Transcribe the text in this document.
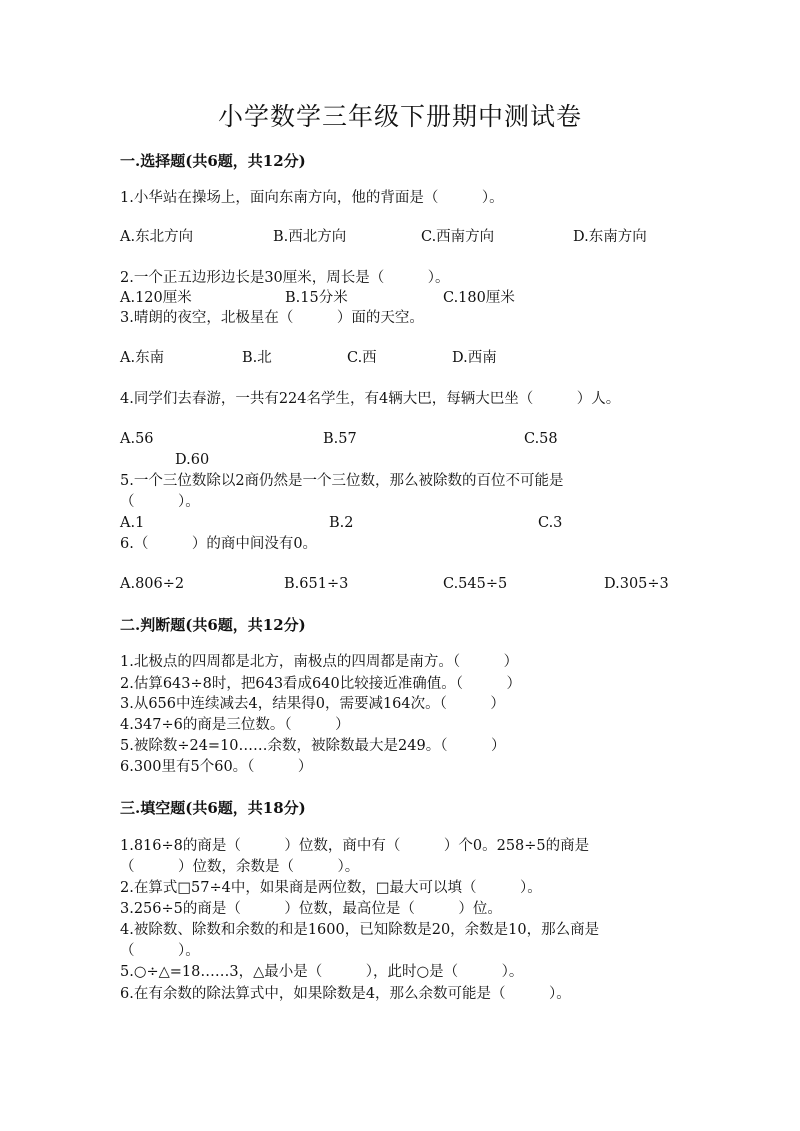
小学数学三年级下册期中测试卷
一.选择题(共6题，共12分)
1.小华站在操场上，面向东南方向，他的背面是（　　　）。
A.东北方向	B.西北方向	C.西南方向	D.东南方向
2.一个正五边形边长是30厘米，周长是（　　　）。
A.120厘米	B.15分米	C.180厘米
3.晴朗的夜空，北极星在（　　　）面的天空。
A.东南	B.北	C.西	D.西南
4.同学们去春游，一共有224名学生，有4辆大巴，每辆大巴坐（　　　）人。
A.56	B.57	C.58
D.60
5.一个三位数除以2商仍然是一个三位数，那么被除数的百位不可能是
（　　　）。
A.1	B.2	C.3
6.（　　　）的商中间没有0。
A.806÷2	B.651÷3	C.545÷5	D.305÷3
二.判断题(共6题，共12分)
1.北极点的四周都是北方，南极点的四周都是南方。（　　　）
2.估算643÷8时，把643看成640比较接近准确值。（　　　）
3.从656中连续减去4，结果得0，需要减164次。（　　　）
4.347÷6的商是三位数。（　　　）
5.被除数÷24=10……余数，被除数最大是249。（　　　）
6.300里有5个60。（　　　）
三.填空题(共6题，共18分)
1.816÷8的商是（　　　）位数，商中有（　　　）个0。258÷5的商是
（　　　）位数，余数是（　　　）。
2.在算式□57÷4中，如果商是两位数，□最大可以填（　　　）。
3.256÷5的商是（　　　）位数，最高位是（　　　）位。
4.被除数、除数和余数的和是1600，已知除数是20，余数是10，那么商是
（　　　）。
5.○÷△=18……3，△最小是（　　　），此时○是（　　　）。
6.在有余数的除法算式中，如果除数是4，那么余数可能是（　　　）。
